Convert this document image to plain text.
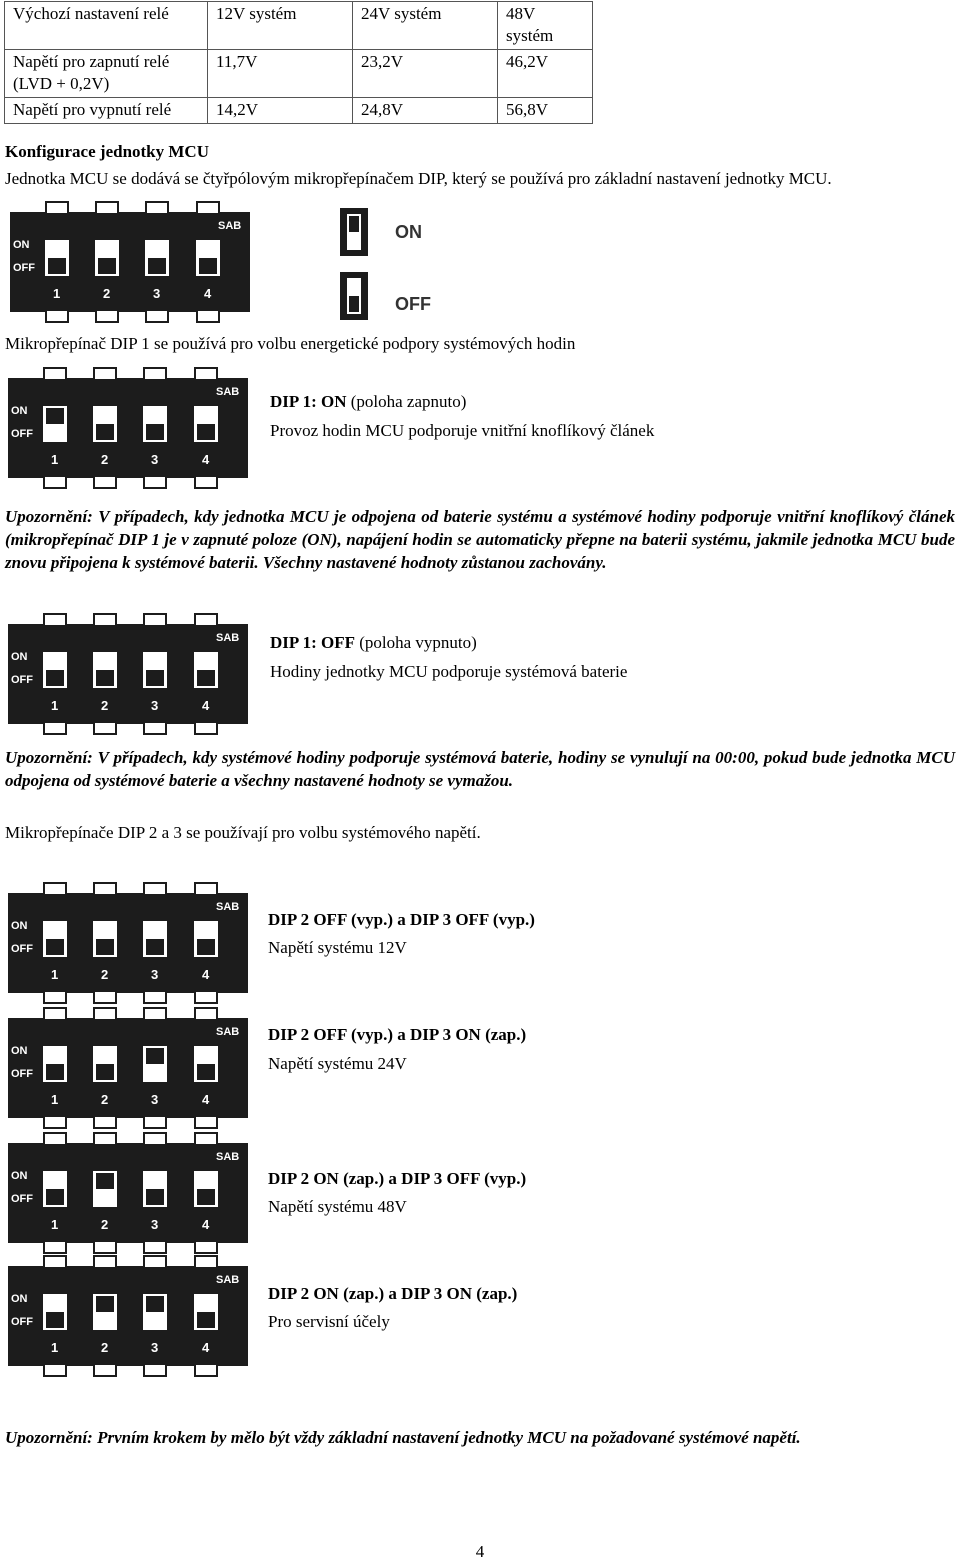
Výchozí nastavení relé	12V systém	24V systém	48V systém
Napětí pro zapnutí relé (LVD + 0,2V)	11,7V	23,2V	46,2V
Napětí pro vypnutí relé	14,2V	24,8V	56,8V
Konfigurace jednotky MCU
Jednotka MCU se dodává se čtyřpólovým mikropřepínačem DIP, který se používá pro základní nastavení jednotky MCU.
ON
OFF
SAB
1	2	3	4
ON
OFF
Mikropřepínač DIP 1 se používá pro volbu energetické podpory systémových hodin
ON
OFF
SAB
1	2	3	4
DIP 1: ON (poloha zapnuto)
Provoz hodin MCU podporuje vnitřní knoflíkový článek
Upozornění: V případech, kdy jednotka MCU je odpojena od baterie systému a systémové hodiny podporuje vnitřní knoflíkový článek (mikropřepínač DIP 1 je v zapnuté poloze (ON), napájení hodin se automaticky přepne na baterii systému, jakmile jednotka MCU bude znovu připojena k systémové baterii. Všechny nastavené hodnoty zůstanou zachovány.
ON
OFF
SAB
1	2	3	4
DIP 1: OFF (poloha vypnuto)
Hodiny jednotky MCU podporuje systémová baterie
Upozornění: V případech, kdy systémové hodiny podporuje systémová baterie, hodiny se vynulují na 00:00, pokud bude jednotka MCU odpojena od systémové baterie a všechny nastavené hodnoty se vymažou.
Mikropřepínače DIP 2 a 3 se používají pro volbu systémového napětí.
ON
OFF
SAB
1	2	3	4
DIP 2 OFF (vyp.) a DIP 3 OFF (vyp.)
Napětí systému 12V
ON
OFF
SAB
1	2	3	4
DIP 2 OFF (vyp.) a DIP 3 ON (zap.)
Napětí systému 24V
ON
OFF
SAB
1	2	3	4
DIP 2 ON (zap.) a DIP 3 OFF (vyp.)
Napětí systému 48V
ON
OFF
SAB
1	2	3	4
DIP 2 ON (zap.) a DIP 3 ON (zap.)
Pro servisní účely
Upozornění: Prvním krokem by mělo být vždy základní nastavení jednotky MCU na požadované systémové napětí.
4
